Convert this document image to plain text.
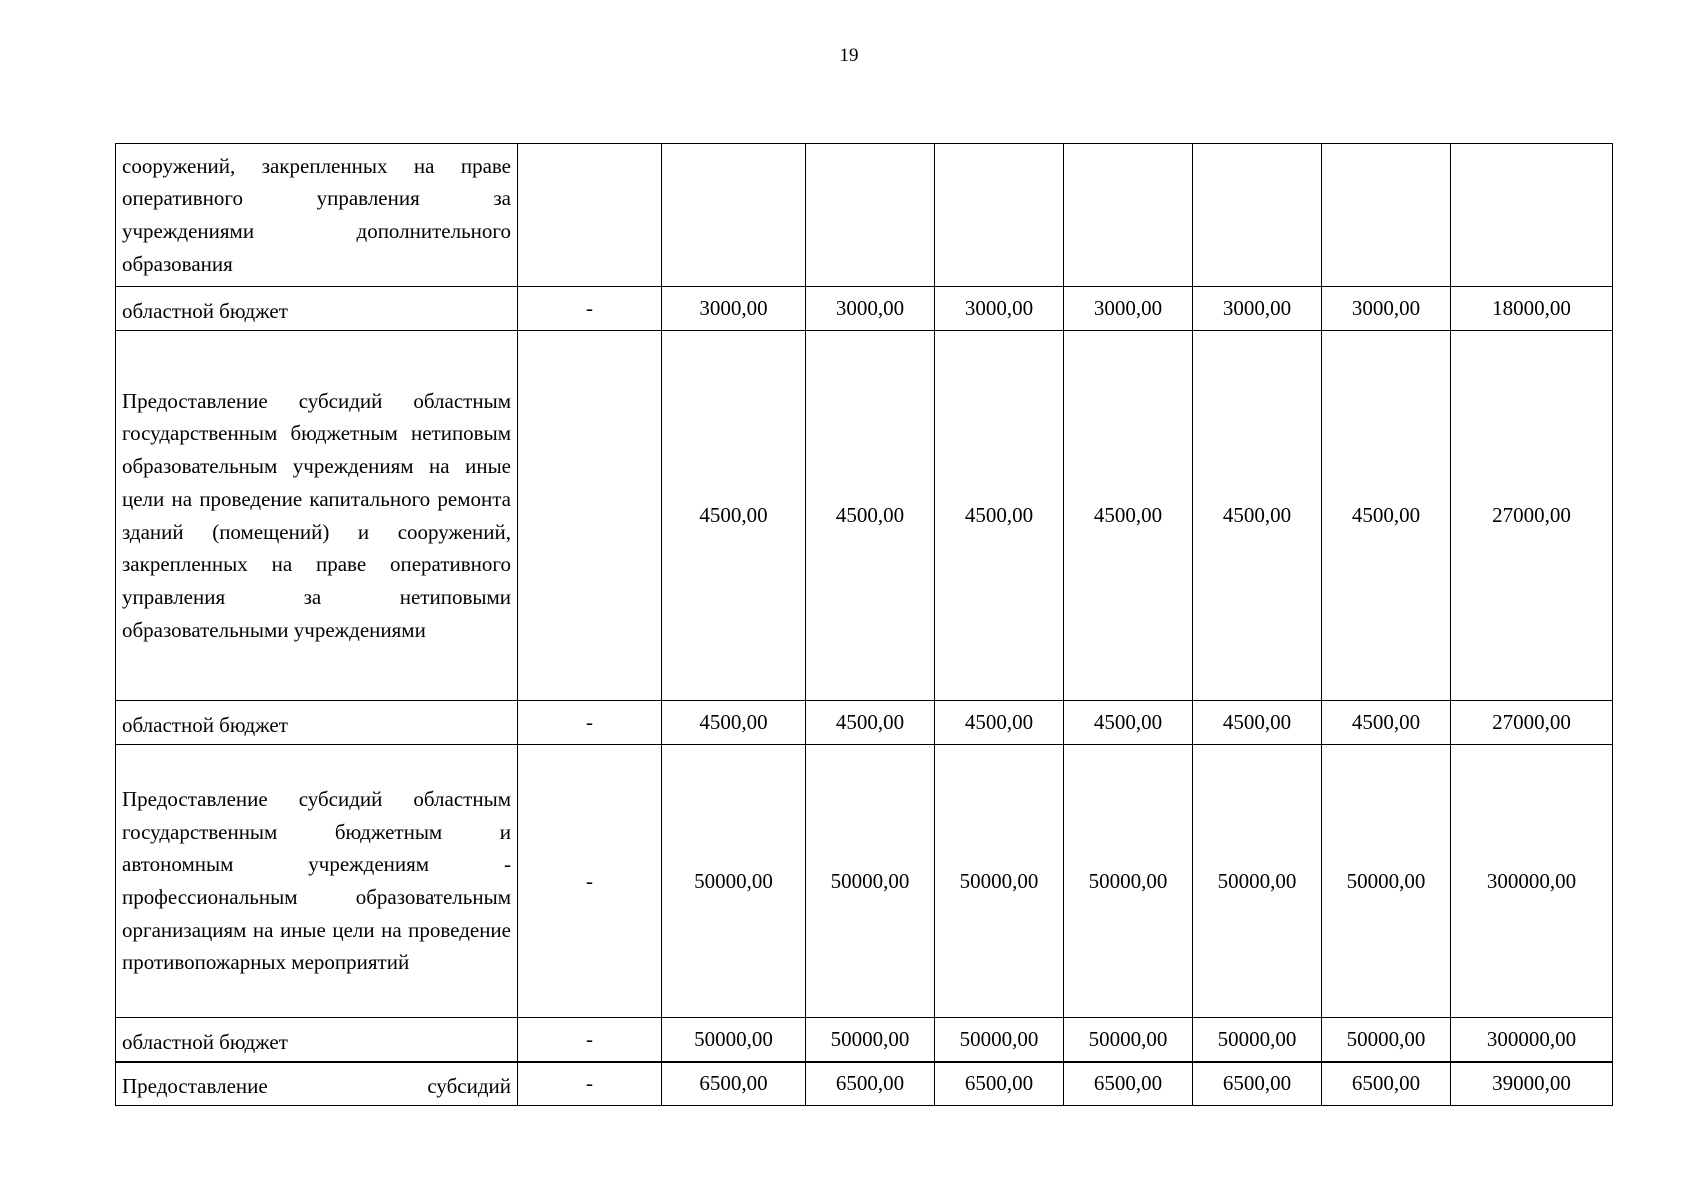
19
сооружений, закрепленных на праве оперативного управления за учреждениями дополнительного образования								
областной бюджет	-	3000,00	3000,00	3000,00	3000,00	3000,00	3000,00	18000,00
Предоставление субсидий областным государственным бюджетным нетиповым образовательным учреждениям на иные цели на проведение капитального ремонта зданий (помещений) и сооружений, закрепленных на праве оперативного управления за нетиповыми образовательными учреждениями		4500,00	4500,00	4500,00	4500,00	4500,00	4500,00	27000,00
областной бюджет	-	4500,00	4500,00	4500,00	4500,00	4500,00	4500,00	27000,00
Предоставление субсидий областным государственным бюджетным и автономным учреждениям - профессиональным образовательным организациям на иные цели на проведение противопожарных мероприятий	-	50000,00	50000,00	50000,00	50000,00	50000,00	50000,00	300000,00
областной бюджет	-	50000,00	50000,00	50000,00	50000,00	50000,00	50000,00	300000,00
Предоставление субсидий	-	6500,00	6500,00	6500,00	6500,00	6500,00	6500,00	39000,00
